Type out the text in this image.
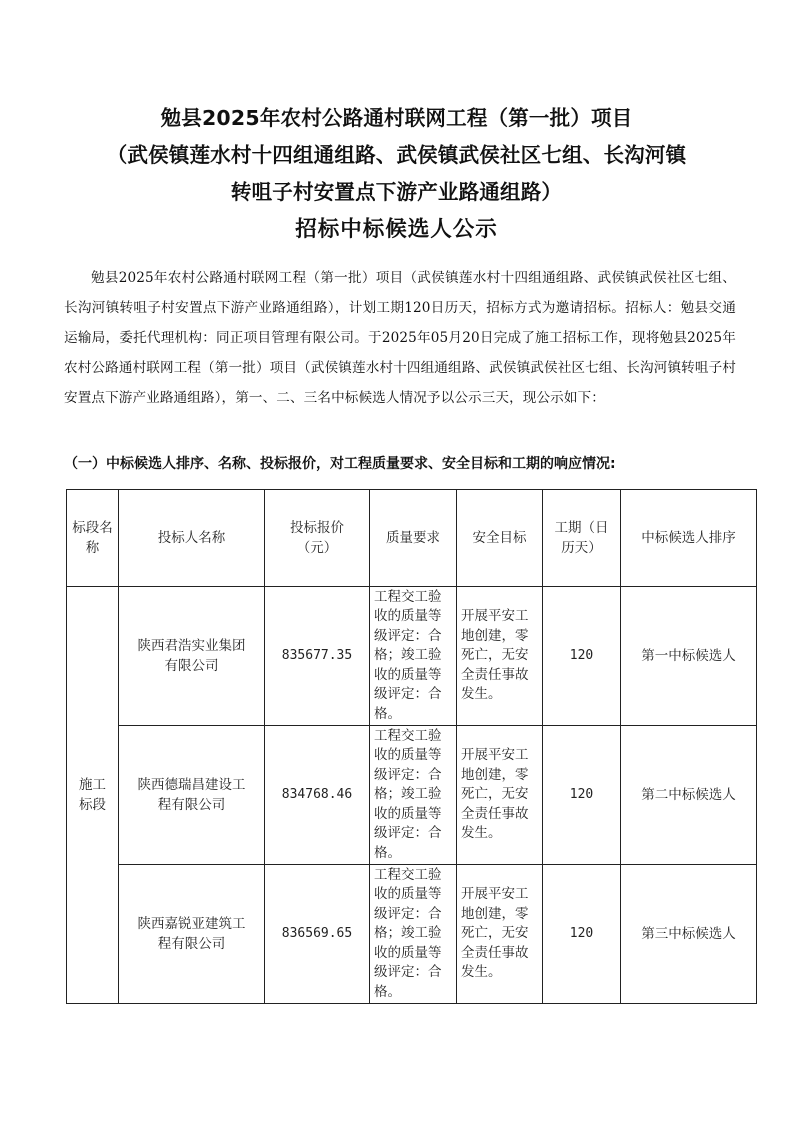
勉县2025年农村公路通村联网工程（第一批）项目
（武侯镇莲水村十四组通组路、武侯镇武侯社区七组、长沟河镇
转咀子村安置点下游产业路通组路）
招标中标候选人公示
勉县2025年农村公路通村联网工程（第一批）项目（武侯镇莲水村十四组通组路、武侯镇武侯社区七组、长沟河镇转咀子村安置点下游产业路通组路），计划工期120日历天，招标方式为邀请招标。招标人：勉县交通运输局，委托代理机构：同正项目管理有限公司。于2025年05月20日完成了施工招标工作，现将勉县2025年农村公路通村联网工程（第一批）项目（武侯镇莲水村十四组通组路、武侯镇武侯社区七组、长沟河镇转咀子村安置点下游产业路通组路），第一、二、三名中标候选人情况予以公示三天，现公示如下：
（一）中标候选人排序、名称、投标报价，对工程质量要求、安全目标和工期的响应情况:
标段名称	投标人名称	投标报价（元）	质量要求	安全目标	工期（日历天）	中标候选人排序

施工标段	陕西君浩实业集团有限公司	835677.35	工程交工验收的质量等级评定：合格；竣工验收的质量等级评定：合格。	开展平安工地创建，零死亡，无安全责任事故发生。	120	第一中标候选人

	陕西德瑞昌建设工程有限公司	834768.46	工程交工验收的质量等级评定：合格；竣工验收的质量等级评定：合格。	开展平安工地创建，零死亡，无安全责任事故发生。	120	第二中标候选人

	陕西嘉锐亚建筑工程有限公司	836569.65	工程交工验收的质量等级评定：合格；竣工验收的质量等级评定：合格。	开展平安工地创建，零死亡，无安全责任事故发生。	120	第三中标候选人
